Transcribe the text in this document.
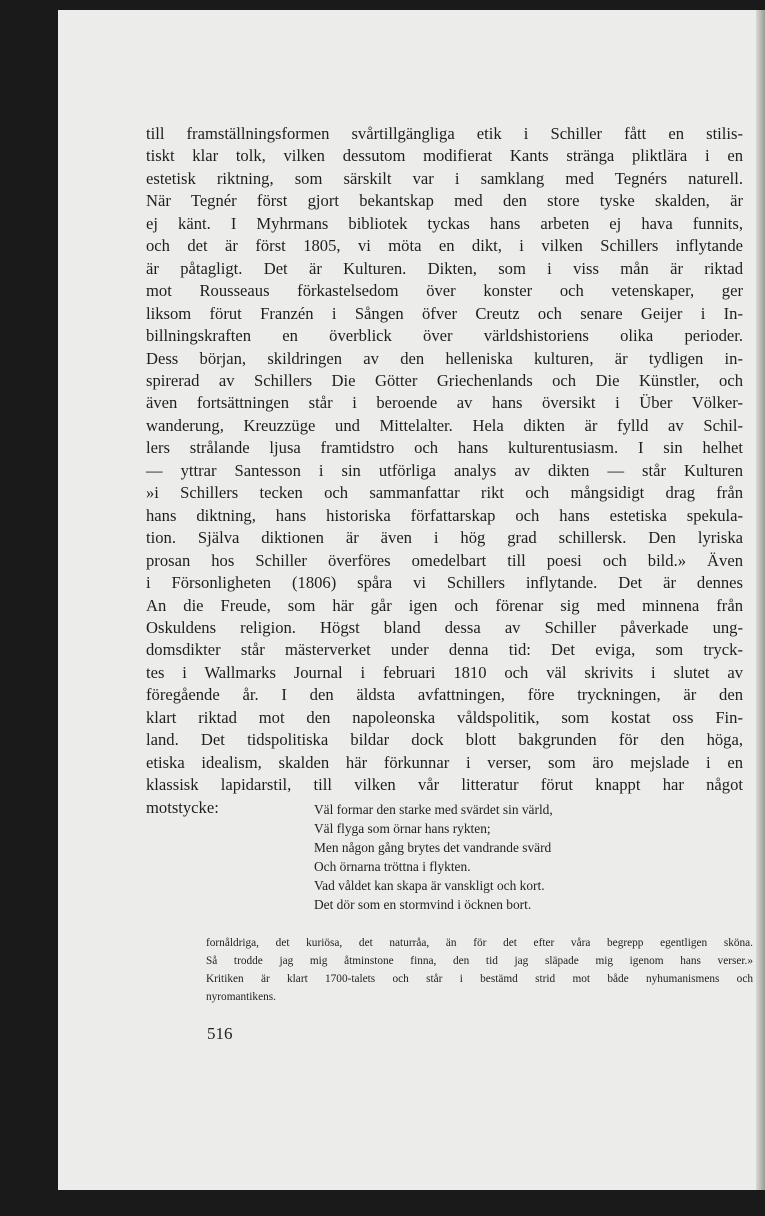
till framställningsformen svårtillgängliga etik i Schiller fått en stilis-
tiskt klar tolk, vilken dessutom modifierat Kants stränga pliktlära i en
estetisk riktning, som särskilt var i samklang med Tegnérs naturell.
När Tegnér först gjort bekantskap med den store tyske skalden, är
ej känt. I Myhrmans bibliotek tyckas hans arbeten ej hava funnits,
och det är först 1805, vi möta en dikt, i vilken Schillers inflytande
är påtagligt. Det är Kulturen. Dikten, som i viss mån är riktad
mot Rousseaus förkastelsedom över konster och vetenskaper, ger
liksom förut Franzén i Sången öfver Creutz och senare Geijer i In-
billningskraften en överblick över världshistoriens olika perioder.
Dess början, skildringen av den helleniska kulturen, är tydligen in-
spirerad av Schillers Die Götter Griechenlands och Die Künstler, och
även fortsättningen står i beroende av hans översikt i Über Völker-
wanderung, Kreuzzüge und Mittelalter. Hela dikten är fylld av Schil-
lers strålande ljusa framtidstro och hans kulturentusiasm. I sin helhet
— yttrar Santesson i sin utförliga analys av dikten — står Kulturen
»i Schillers tecken och sammanfattar rikt och mångsidigt drag från
hans diktning, hans historiska författarskap och hans estetiska spekula-
tion. Själva diktionen är även i hög grad schillersk. Den lyriska
prosan hos Schiller överföres omedelbart till poesi och bild.» Även
i Försonligheten (1806) spåra vi Schillers inflytande. Det är dennes
An die Freude, som här går igen och förenar sig med minnena från
Oskuldens religion. Högst bland dessa av Schiller påverkade ung-
domsdikter står mästerverket under denna tid: Det eviga, som tryck-
tes i Wallmarks Journal i februari 1810 och väl skrivits i slutet av
föregående år. I den äldsta avfattningen, före tryckningen, är den
klart riktad mot den napoleonska våldspolitik, som kostat oss Fin-
land. Det tidspolitiska bildar dock blott bakgrunden för den höga,
etiska idealism, skalden här förkunnar i verser, som äro mejslade i en
klassisk lapidarstil, till vilken vår litteratur förut knappt har något
motstycke:	Väl formar den starke med svärdet sin värld,
Väl flyga som örnar hans rykten;
Men någon gång brytes det vandrande svärd
Och örnarna tröttna i flykten.
Vad våldet kan skapa är vanskligt och kort.
Det dör som en stormvind i öcknen bort.
fornåldriga, det kuriösa, det naturråa, än för det efter våra begrepp egentligen sköna.
Så trodde jag mig åtminstone finna, den tid jag släpade mig igenom hans verser.»
Kritiken är klart 1700-talets och står i bestämd strid mot både nyhumanismens och
nyromantikens.
516
